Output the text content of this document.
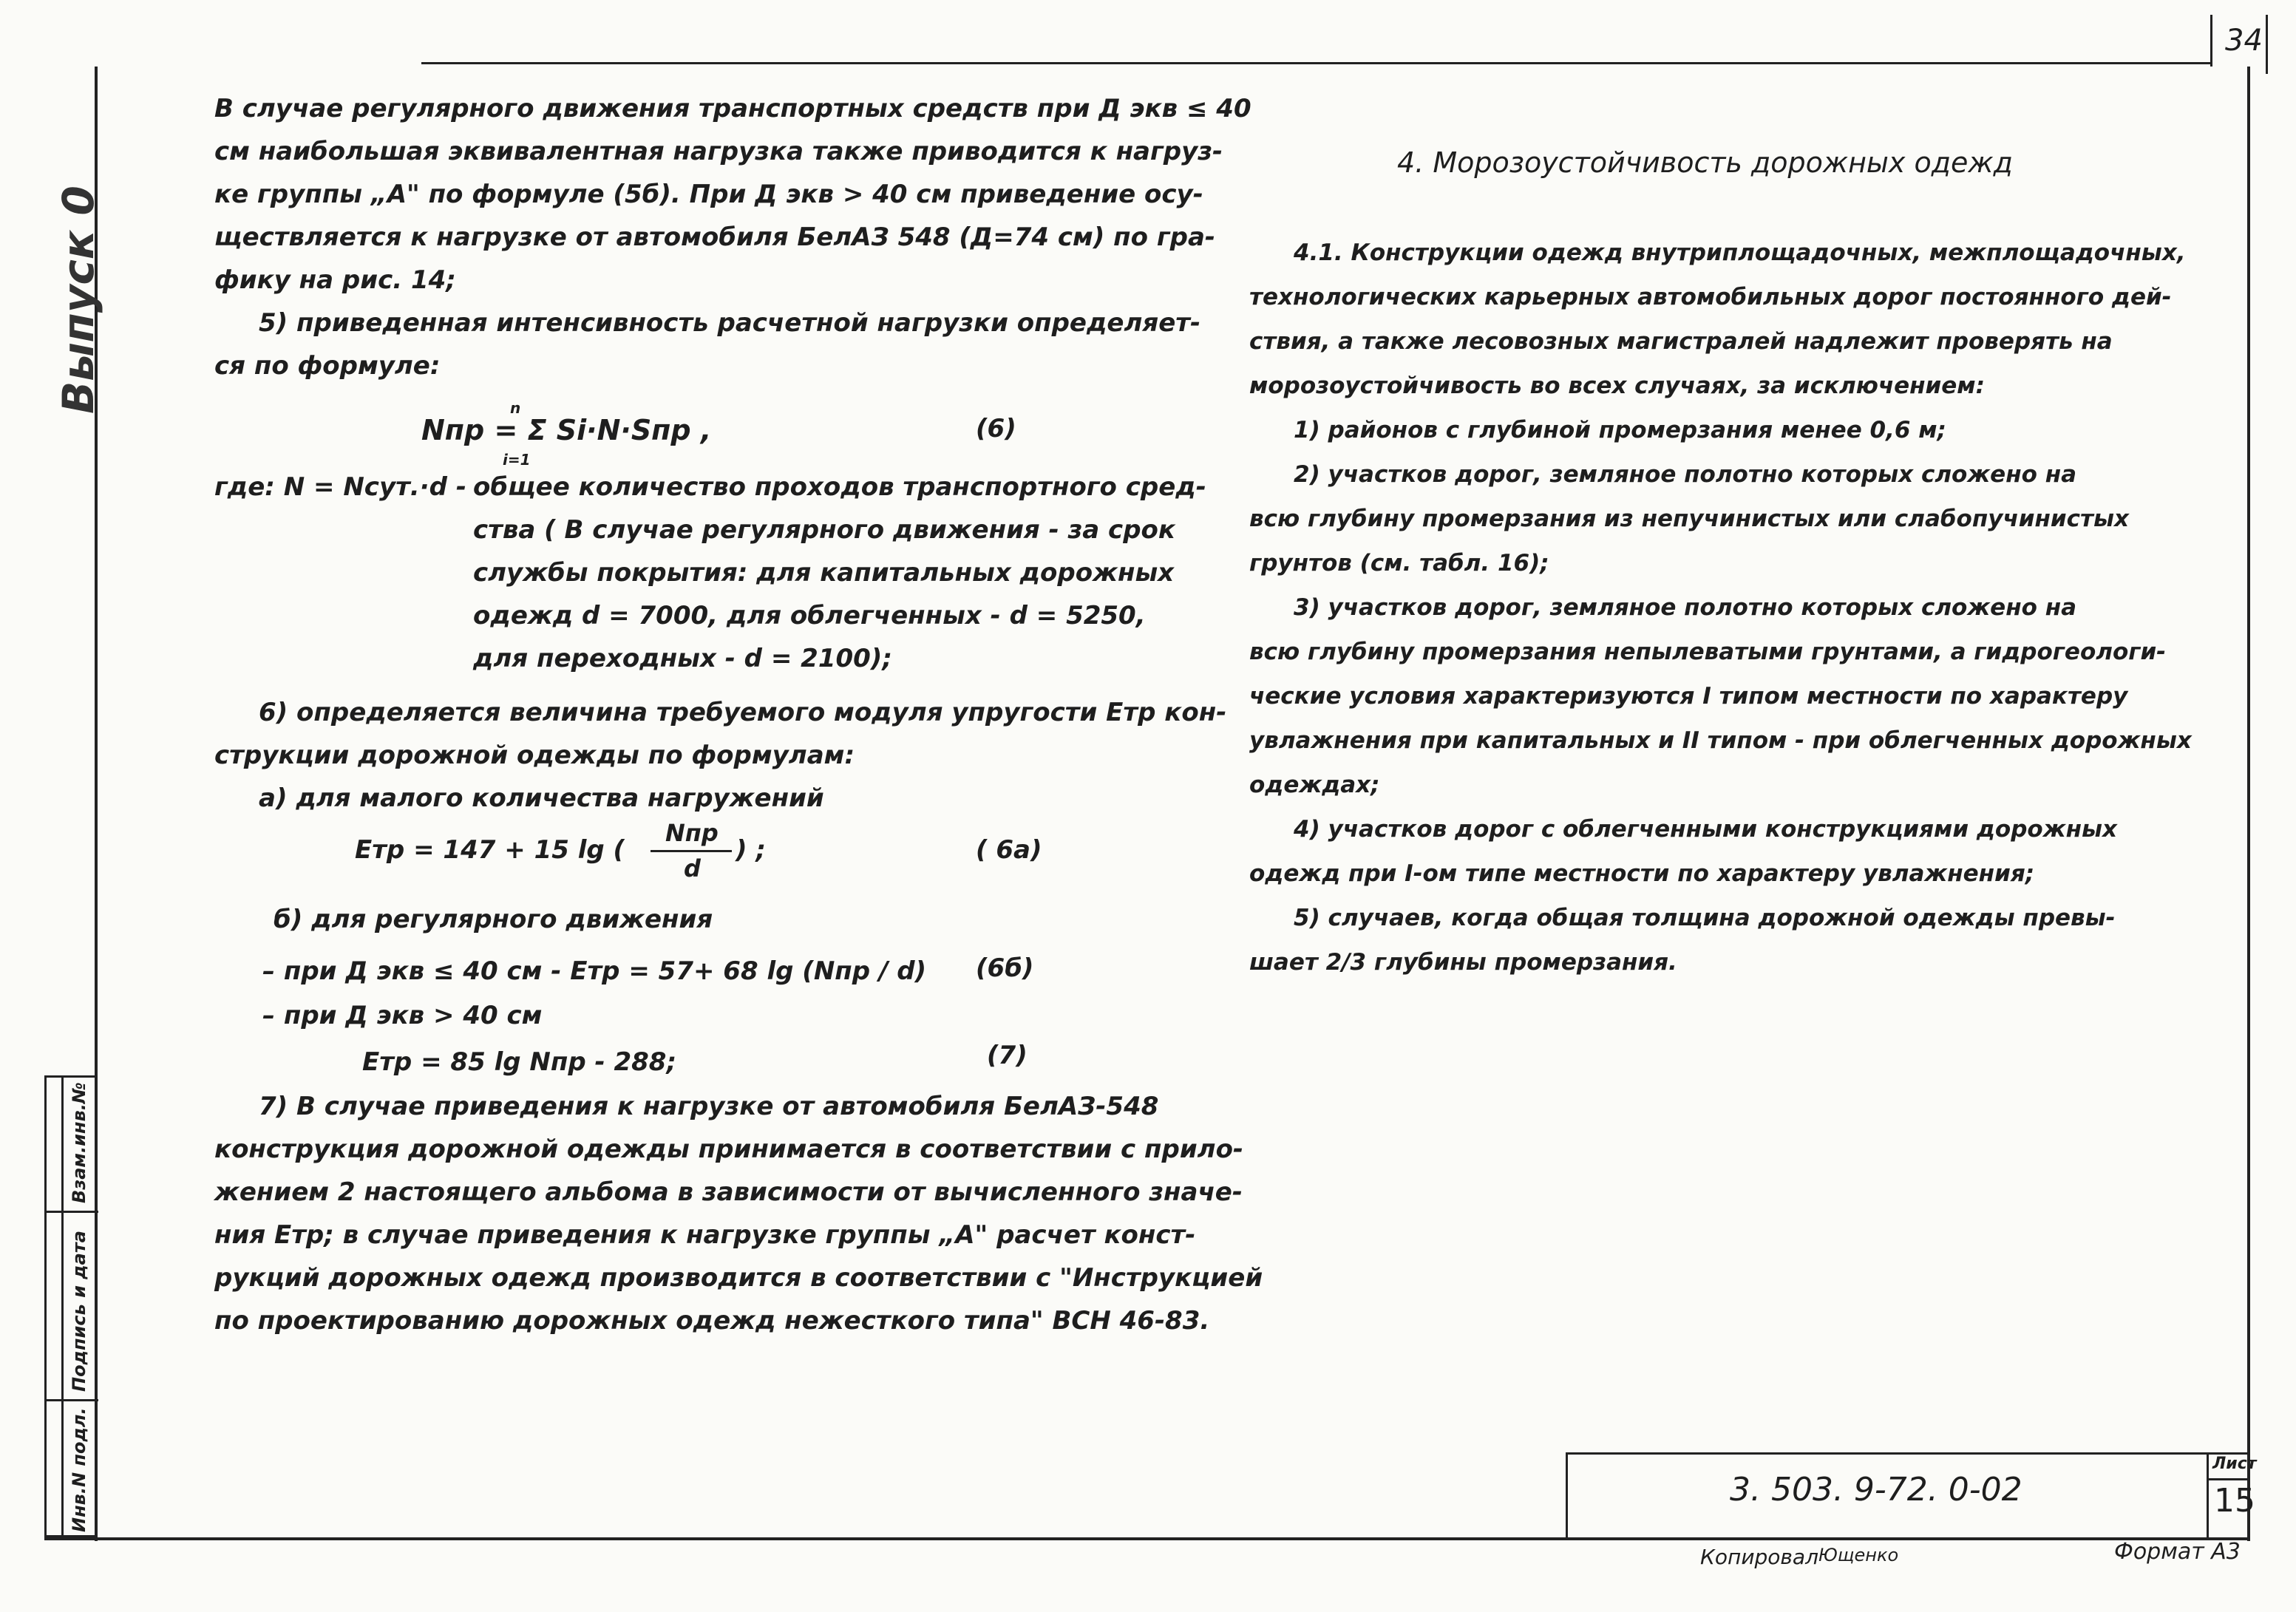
34
Выпуск 0
Инв.N подл.
Подпись и дата
Взам.инв.№

В случае регулярного движения транспортных средств при Д экв ≤ 40

см наибольшая эквивалентная нагрузка также приводится к нагруз-

ке группы „А" по формуле (5б). При Д экв > 40 см приведение осу-

ществляется к нагрузке от автомобиля БелАЗ 548 (Д=74 см) по гра-

фику на рис. 14;

5) приведенная интенсивность расчетной нагрузки определяет-

ся по формуле:

Nпр = Σ Si·N·Sпр ,
n
i=1
(6)
где: N = Nсут.·d - общее количество проходов транспортного сред-

ства ( В случае регулярного движения - за срок

службы покрытия: для капитальных дорожных

одежд d = 7000, для облегченных - d = 5250,

для переходных - d = 2100);

6) определяется величина требуемого модуля упругости Eтр кон-

струкции дорожной одежды по формулам:

а) для малого количества нагружений

Eтр = 147 + 15 lg (
Nпр
d
) ;	( 6а)
б) для регулярного движения
– при Д экв ≤ 40 см - Eтр = 57+ 68 lg (Nпр / d)	(6б)
– при Д экв > 40 см
Eтр = 85 lg Nпр - 288;	(7)

7) В случае приведения к нагрузке от автомобиля БелАЗ-548

конструкция дорожной одежды принимается в соответствии с прило-

жением 2 настоящего альбома в зависимости от вычисленного значе-

ния Eтр; в случае приведения к нагрузке группы „А" расчет конст-

рукций дорожных одежд производится в соответствии с "Инструкцией

по проектированию дорожных одежд нежесткого типа" ВСН 46-83.

4. Морозоустойчивость дорожных одежд

4.1. Конструкции одежд внутриплощадочных, межплощадочных,

технологических карьерных автомобильных дорог постоянного дей-

ствия, а также лесовозных магистралей надлежит проверять на

морозоустойчивость во всех случаях, за исключением:

1) районов с глубиной промерзания менее 0,6 м;

2) участков дорог, земляное полотно которых сложено на

всю глубину промерзания из непучинистых или слабопучинистых

грунтов (см. табл. 16);

3) участков дорог, земляное полотно которых сложено на

всю глубину промерзания непылеватыми грунтами, а гидрогеологи-

ческие условия характеризуются I типом местности по характеру

увлажнения при капитальных и II типом - при облегченных дорожных

одеждах;

4) участков дорог с облегченными конструкциями дорожных

одежд при I-ом типе местности по характеру увлажнения;

5) случаев, когда общая толщина дорожной одежды превы-

шает 2/3 глубины промерзания.

3. 503. 9-72. 0-02
Лист
15
Копировал Ющенко	Формат А3
